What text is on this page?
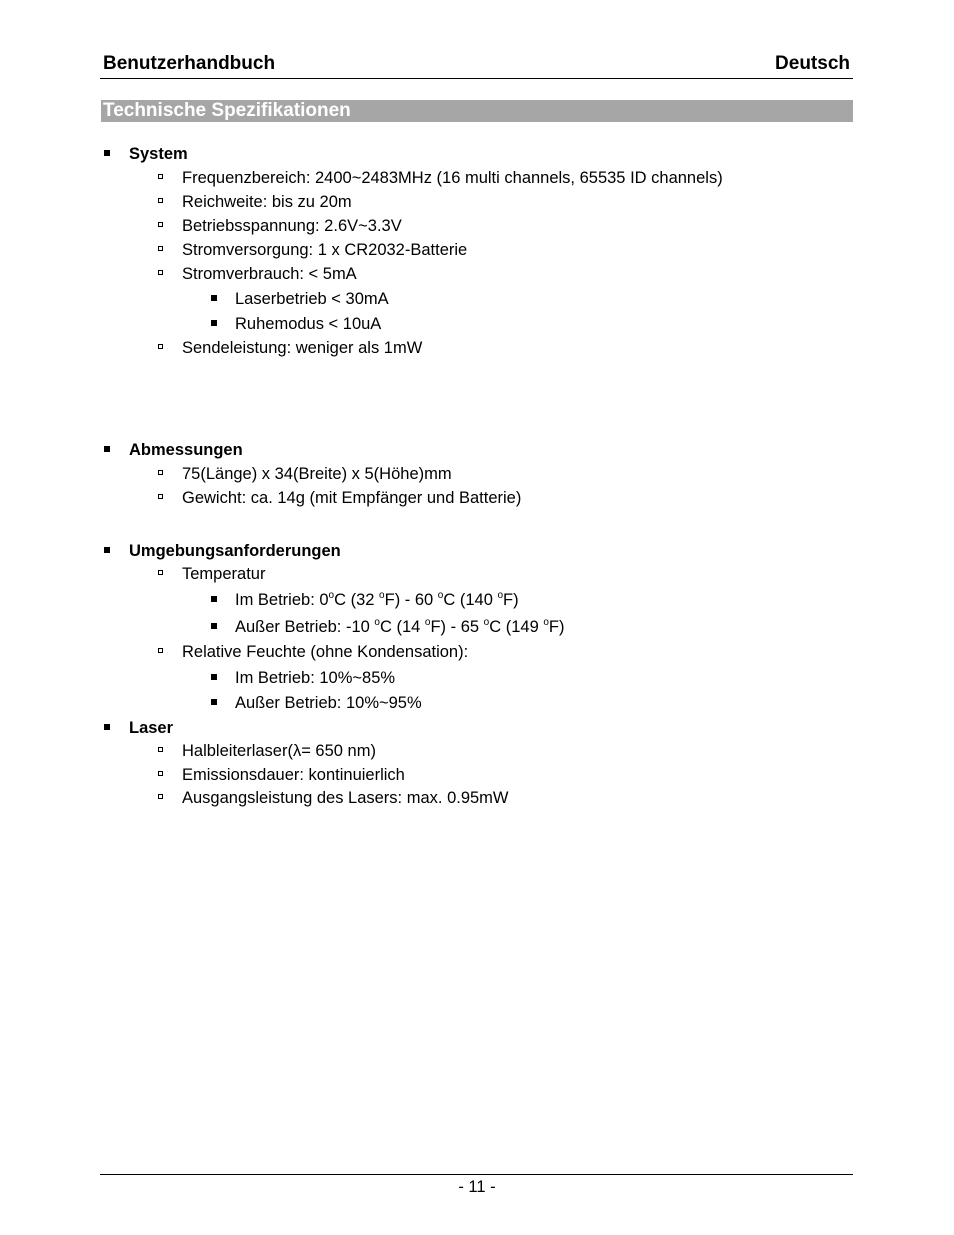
Benutzerhandbuch	Deutsch
Technische Spezifikationen
System
Frequenzbereich: 2400~2483MHz (16 multi channels, 65535 ID channels)
Reichweite: bis zu 20m
Betriebsspannung: 2.6V~3.3V
Stromversorgung: 1 x CR2032-Batterie
Stromverbrauch: < 5mA
Laserbetrieb < 30mA
Ruhemodus < 10uA
Sendeleistung: weniger als 1mW
Abmessungen
75(Länge) x 34(Breite) x 5(Höhe)mm
Gewicht: ca. 14g (mit Empfänger und Batterie)
Umgebungsanforderungen
Temperatur
Im Betrieb: 0$^o$C (32 $^o$F) - 60 $^o$C (140 $^o$F)
Außer Betrieb: -10 $^o$C (14 $^o$F) - 65 $^o$C (149 $^o$F)
Relative Feuchte (ohne Kondensation):
Im Betrieb: 10%~85%
Außer Betrieb: 10%~95%
Laser
Halbleiterlaser(λ= 650 nm)
Emissionsdauer: kontinuierlich
Ausgangsleistung des Lasers: max. 0.95mW
- 11 -
